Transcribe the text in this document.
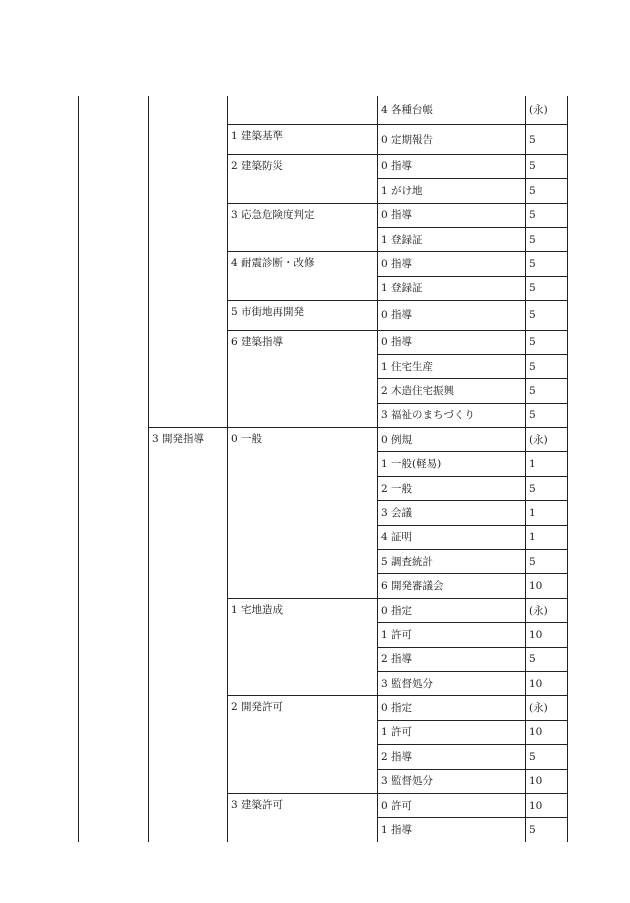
			4 各種台帳	(永)
		1 建築基準	0 定期報告	5
		2 建築防災	0 指導	5
			1 がけ地	5
		3 応急危険度判定	0 指導	5
			1 登録証	5
		4 耐震診断・改修	0 指導	5
			1 登録証	5
		5 市街地再開発	0 指導	5
		6 建築指導	0 指導	5
			1 住宅生産	5
			2 木造住宅振興	5
			3 福祉のまちづくり	5
	3 開発指導	0 一般	0 例規	(永)
			1 一般(軽易)	1
			2 一般	5
			3 会議	1
			4 証明	1
			5 調査統計	5
			6 開発審議会	10
		1 宅地造成	0 指定	(永)
			1 許可	10
			2 指導	5
			3 監督処分	10
		2 開発許可	0 指定	(永)
			1 許可	10
			2 指導	5
			3 監督処分	10
		3 建築許可	0 許可	10
			1 指導	5
